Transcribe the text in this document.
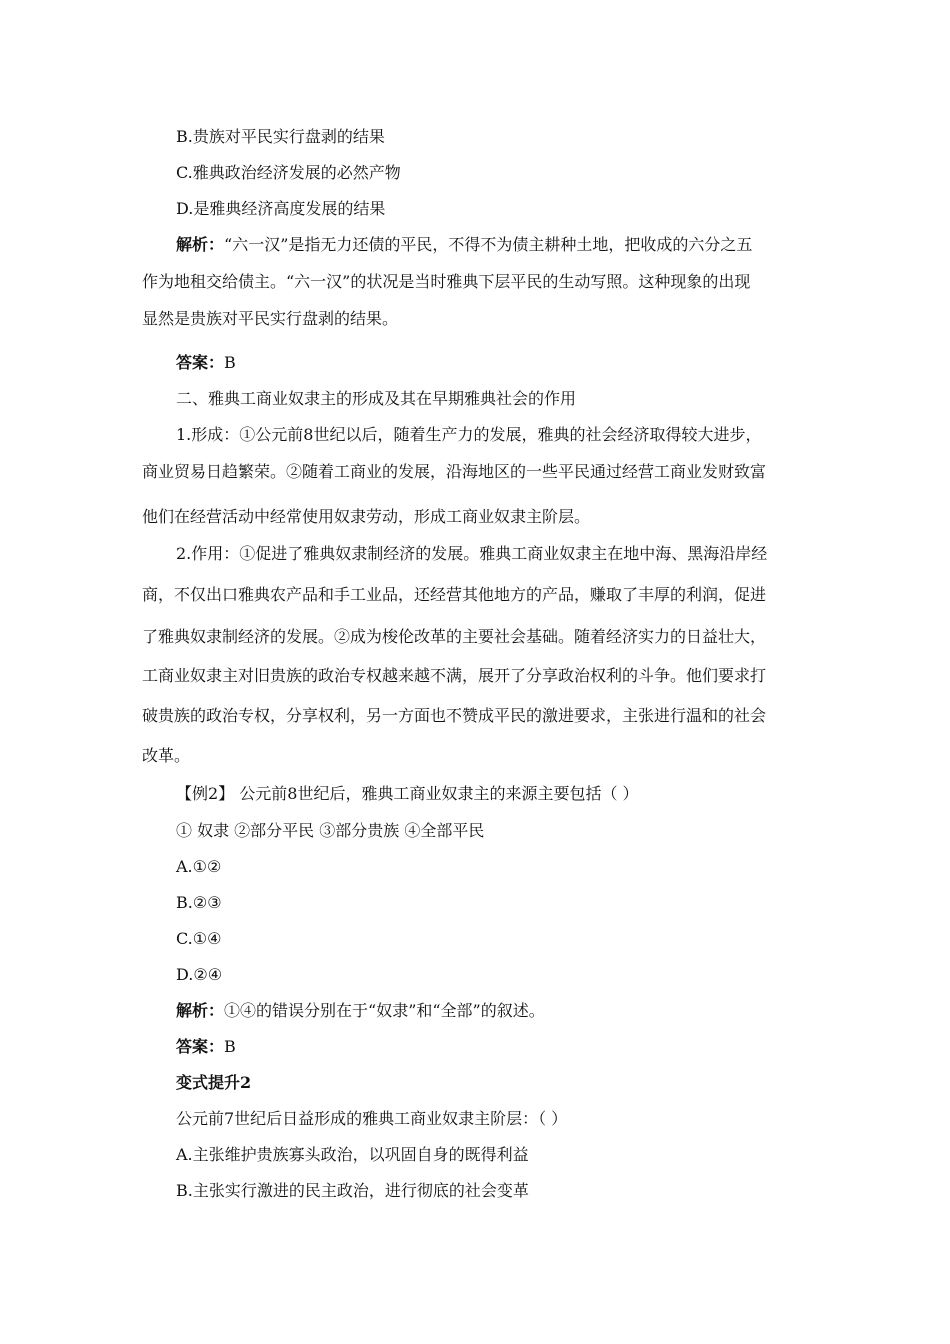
B.贵族对平民实行盘剥的结果
C.雅典政治经济发展的必然产物
D.是雅典经济高度发展的结果
解析：“六一汉”是指无力还债的平民，不得不为债主耕种土地，把收成的六分之五
作为地租交给债主。“六一汉”的状况是当时雅典下层平民的生动写照。这种现象的出现
显然是贵族对平民实行盘剥的结果。
答案：B
二、雅典工商业奴隶主的形成及其在早期雅典社会的作用
1.形成：①公元前8世纪以后，随着生产力的发展，雅典的社会经济取得较大进步，
商业贸易日趋繁荣。②随着工商业的发展，沿海地区的一些平民通过经营工商业发财致富
他们在经营活动中经常使用奴隶劳动，形成工商业奴隶主阶层。
2.作用：①促进了雅典奴隶制经济的发展。雅典工商业奴隶主在地中海、黑海沿岸经
商，不仅出口雅典农产品和手工业品，还经营其他地方的产品，赚取了丰厚的利润，促进
了雅典奴隶制经济的发展。②成为梭伦改革的主要社会基础。随着经济实力的日益壮大，
工商业奴隶主对旧贵族的政治专权越来越不满，展开了分享政治权利的斗争。他们要求打
破贵族的政治专权，分享权利，另一方面也不赞成平民的激进要求，主张进行温和的社会
改革。
【例2】 公元前8世纪后，雅典工商业奴隶主的来源主要包括（ ）
① 奴隶 ②部分平民 ③部分贵族 ④全部平民
A.①②
B.②③
C.①④
D.②④
解析：①④的错误分别在于“奴隶”和“全部”的叙述。
答案：B
变式提升2
公元前7世纪后日益形成的雅典工商业奴隶主阶层：（ ）
A.主张维护贵族寡头政治，以巩固自身的既得利益
B.主张实行激进的民主政治，进行彻底的社会变革
